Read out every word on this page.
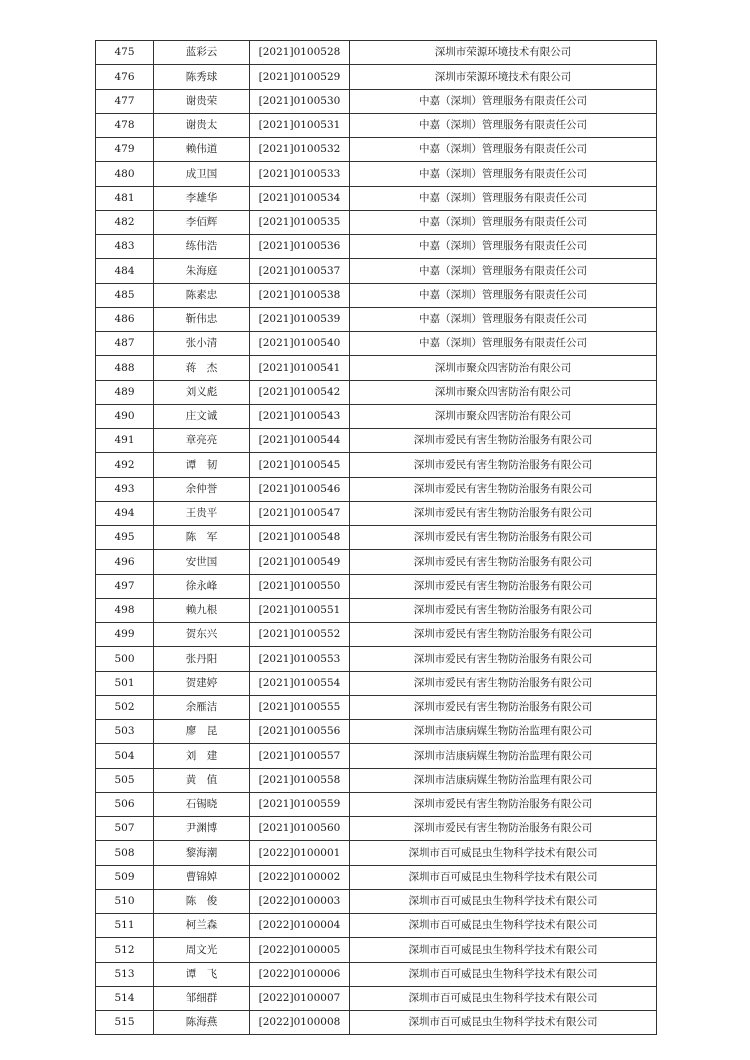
475	蓝彩云	[2021]0100528	深圳市荣源环境技术有限公司
476	陈秀球	[2021]0100529	深圳市荣源环境技术有限公司
477	谢贵荣	[2021]0100530	中嘉（深圳）管理服务有限责任公司
478	谢贵太	[2021]0100531	中嘉（深圳）管理服务有限责任公司
479	赖伟道	[2021]0100532	中嘉（深圳）管理服务有限责任公司
480	成卫国	[2021]0100533	中嘉（深圳）管理服务有限责任公司
481	李雄华	[2021]0100534	中嘉（深圳）管理服务有限责任公司
482	李佰辉	[2021]0100535	中嘉（深圳）管理服务有限责任公司
483	练伟浩	[2021]0100536	中嘉（深圳）管理服务有限责任公司
484	朱海庭	[2021]0100537	中嘉（深圳）管理服务有限责任公司
485	陈素忠	[2021]0100538	中嘉（深圳）管理服务有限责任公司
486	靳伟忠	[2021]0100539	中嘉（深圳）管理服务有限责任公司
487	张小清	[2021]0100540	中嘉（深圳）管理服务有限责任公司
488	蒋　杰	[2021]0100541	深圳市聚众四害防治有限公司
489	刘义彪	[2021]0100542	深圳市聚众四害防治有限公司
490	庄文诚	[2021]0100543	深圳市聚众四害防治有限公司
491	章亮亮	[2021]0100544	深圳市爱民有害生物防治服务有限公司
492	谭　韧	[2021]0100545	深圳市爱民有害生物防治服务有限公司
493	余仲誉	[2021]0100546	深圳市爱民有害生物防治服务有限公司
494	王贵平	[2021]0100547	深圳市爱民有害生物防治服务有限公司
495	陈　军	[2021]0100548	深圳市爱民有害生物防治服务有限公司
496	安世国	[2021]0100549	深圳市爱民有害生物防治服务有限公司
497	徐永峰	[2021]0100550	深圳市爱民有害生物防治服务有限公司
498	赖九根	[2021]0100551	深圳市爱民有害生物防治服务有限公司
499	贺东兴	[2021]0100552	深圳市爱民有害生物防治服务有限公司
500	张丹阳	[2021]0100553	深圳市爱民有害生物防治服务有限公司
501	贺建婷	[2021]0100554	深圳市爱民有害生物防治服务有限公司
502	余雁洁	[2021]0100555	深圳市爱民有害生物防治服务有限公司
503	廖　昆	[2021]0100556	深圳市洁康病媒生物防治监理有限公司
504	刘　建	[2021]0100557	深圳市洁康病媒生物防治监理有限公司
505	黄　值	[2021]0100558	深圳市洁康病媒生物防治监理有限公司
506	石锡晓	[2021]0100559	深圳市爱民有害生物防治服务有限公司
507	尹渊博	[2021]0100560	深圳市爱民有害生物防治服务有限公司
508	黎海潮	[2022]0100001	深圳市百可威昆虫生物科学技术有限公司
509	曹锦婥	[2022]0100002	深圳市百可威昆虫生物科学技术有限公司
510	陈　俊	[2022]0100003	深圳市百可威昆虫生物科学技术有限公司
511	柯兰森	[2022]0100004	深圳市百可威昆虫生物科学技术有限公司
512	周文光	[2022]0100005	深圳市百可威昆虫生物科学技术有限公司
513	谭　飞	[2022]0100006	深圳市百可威昆虫生物科学技术有限公司
514	邹细群	[2022]0100007	深圳市百可威昆虫生物科学技术有限公司
515	陈海燕	[2022]0100008	深圳市百可威昆虫生物科学技术有限公司
